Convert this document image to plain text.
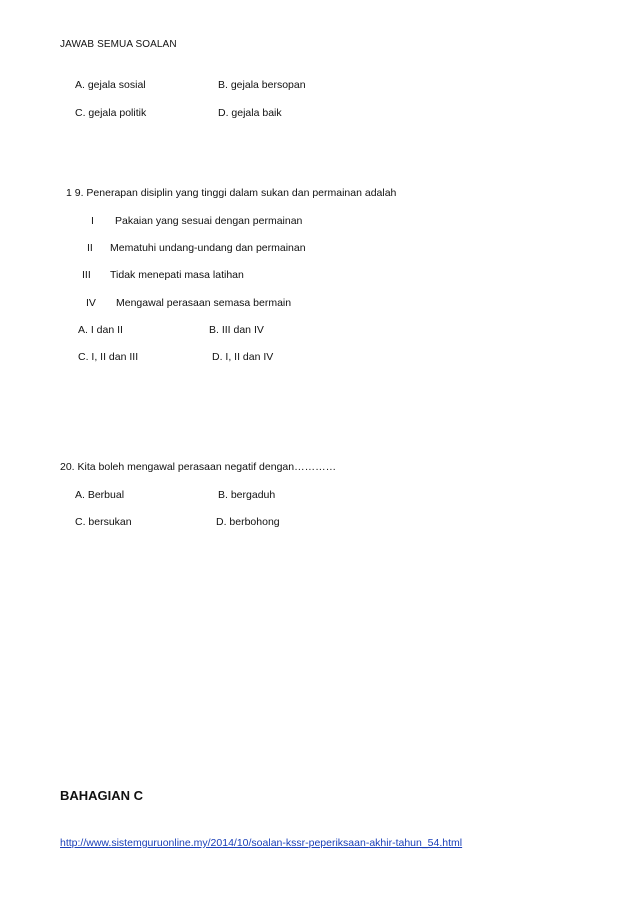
JAWAB SEMUA SOALAN
A. gejala sosial	B. gejala bersopan
C. gejala politik	D. gejala baik
1 9. Penerapan disiplin yang tinggi dalam sukan dan permainan adalah
I Pakaian yang sesuai dengan permainan
II Mematuhi undang-undang dan permainan
III Tidak menepati masa latihan
IV Mengawal perasaan semasa bermain
A. I dan II	B. III dan IV
C. I, II dan III	D. I, II dan IV
20. Kita boleh mengawal perasaan negatif dengan…………
A. Berbual	B. bergaduh
C. bersukan	D. berbohong
BAHAGIAN C
http://www.sistemguruonline.my/2014/10/soalan-kssr-peperiksaan-akhir-tahun_54.html
